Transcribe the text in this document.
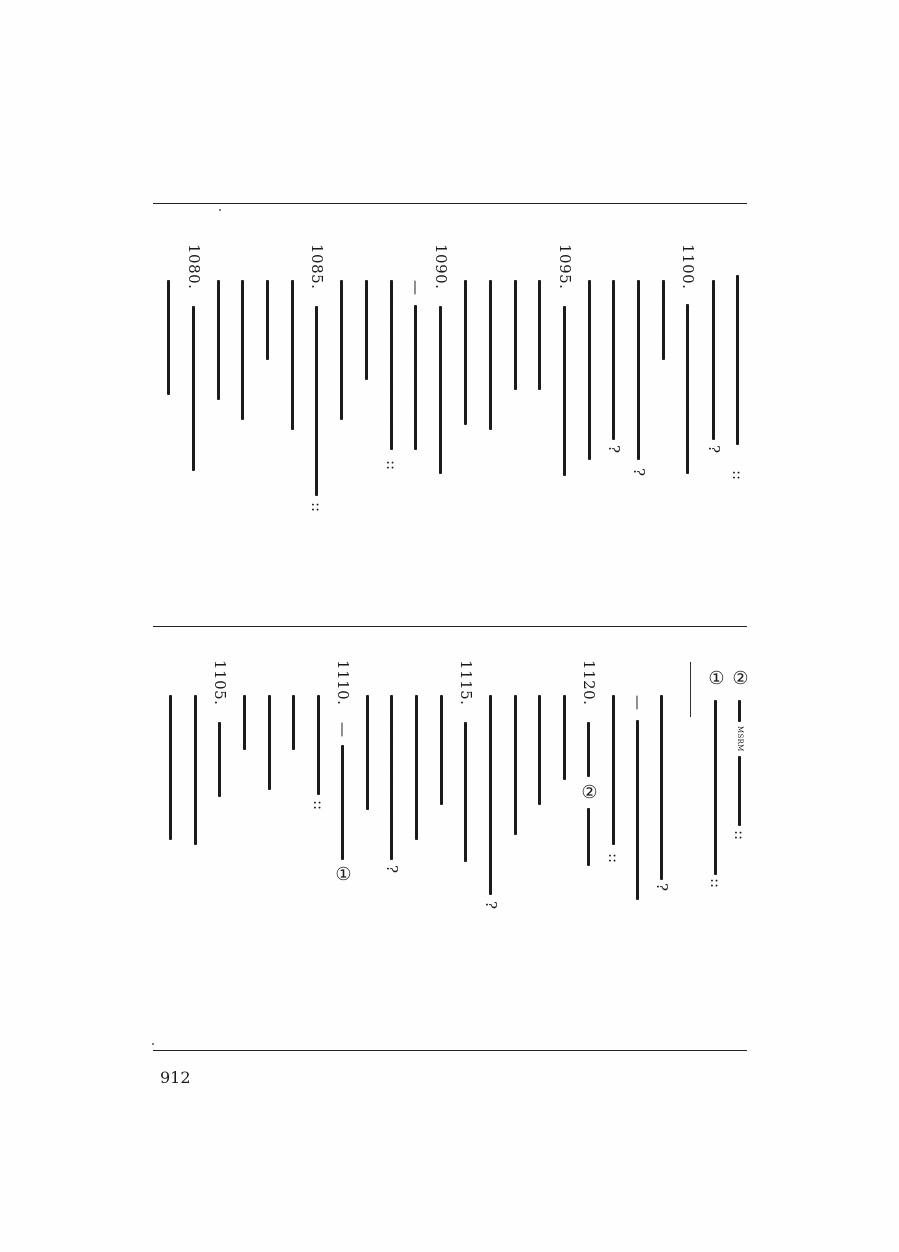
::
?
1100.
?
?
1095.
1090.
—
::
1085.
::
1080.
①
::
②
MSRM
::
?
—
::
1120.
②
?
1115.
?
1110.
—
①
::
1105.
912
